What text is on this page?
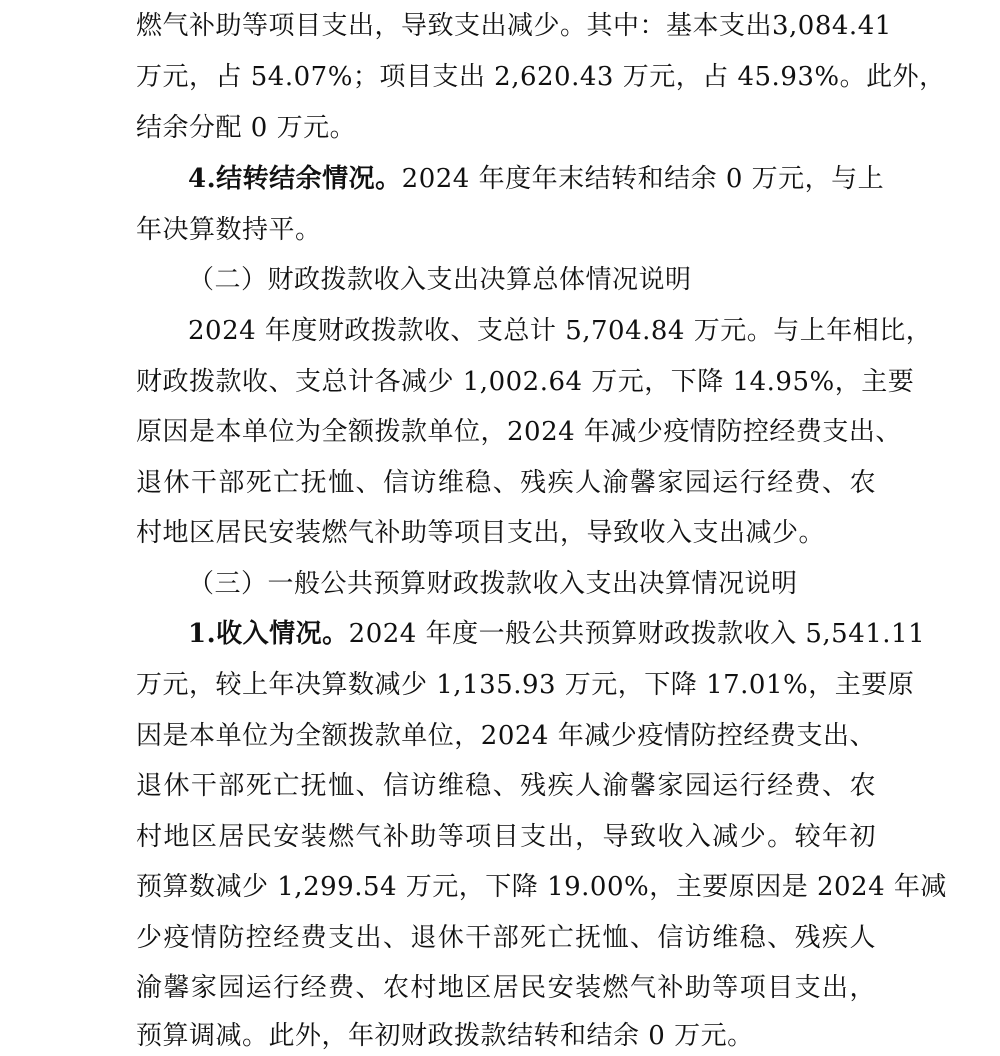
燃气补助等项目支出，导致支出减少。其中：基本支出3,084.41
万元，占 54.07%；项目支出 2,620.43 万元，占 45.93%。此外，
结余分配 0 万元。
4.结转结余情况。2024 年度年末结转和结余 0 万元，与上
年决算数持平。
（二）财政拨款收入支出决算总体情况说明
2024 年度财政拨款收、支总计 5,704.84 万元。与上年相比，
财政拨款收、支总计各减少 1,002.64 万元，下降 14.95%，主要
原因是本单位为全额拨款单位，2024 年减少疫情防控经费支出、
退休干部死亡抚恤、信访维稳、残疾人渝馨家园运行经费、农
村地区居民安装燃气补助等项目支出，导致收入支出减少。
（三）一般公共预算财政拨款收入支出决算情况说明
1.收入情况。2024 年度一般公共预算财政拨款收入 5,541.11
万元，较上年决算数减少 1,135.93 万元，下降 17.01%，主要原
因是本单位为全额拨款单位，2024 年减少疫情防控经费支出、
退休干部死亡抚恤、信访维稳、残疾人渝馨家园运行经费、农
村地区居民安装燃气补助等项目支出，导致收入减少。较年初
预算数减少 1,299.54 万元，下降 19.00%，主要原因是 2024 年减
少疫情防控经费支出、退休干部死亡抚恤、信访维稳、残疾人
渝馨家园运行经费、农村地区居民安装燃气补助等项目支出，
预算调减。此外，年初财政拨款结转和结余 0 万元。
